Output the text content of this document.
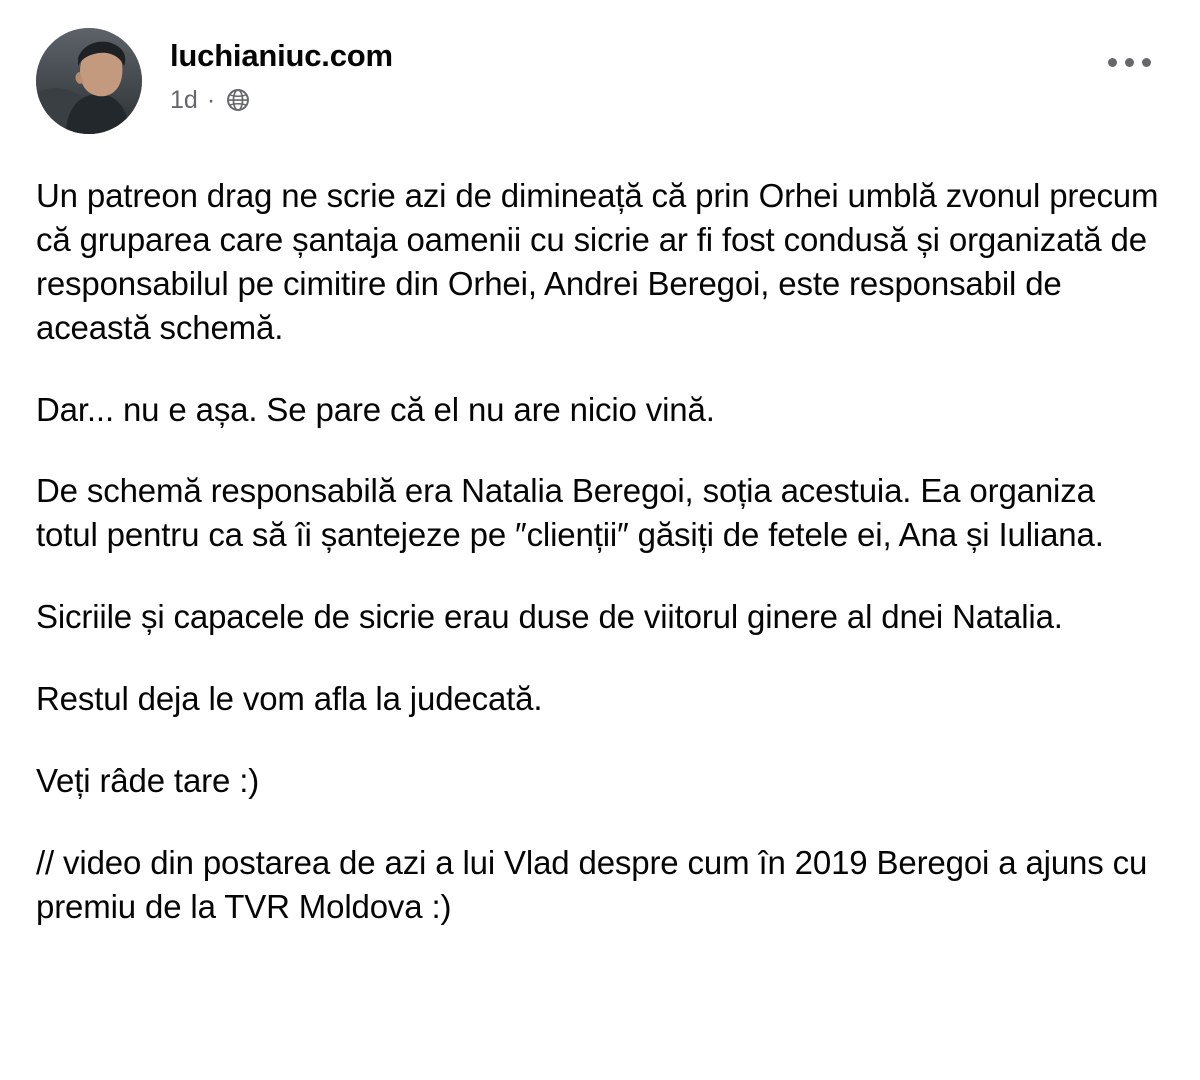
luchianiuc.com
1d ·

Un patreon drag ne scrie azi de dimineață că prin Orhei umblă zvonul precum că gruparea care șantaja oamenii cu sicrie ar fi fost condusă și organizată de responsabilul pe cimitire din Orhei, Andrei Beregoi, este responsabil de această schemă.

Dar... nu e așa. Se pare că el nu are nicio vină.

De schemă responsabilă era Natalia Beregoi, soția acestuia. Ea organiza totul pentru ca să îi șantejeze pe ″clienții″ găsiți de fetele ei, Ana și Iuliana.

Sicriile și capacele de sicrie erau duse de viitorul ginere al dnei Natalia.

Restul deja le vom afla la judecată.

Veți râde tare :)

// video din postarea de azi a lui Vlad despre cum în 2019 Beregoi a ajuns cu premiu de la TVR Moldova :)
